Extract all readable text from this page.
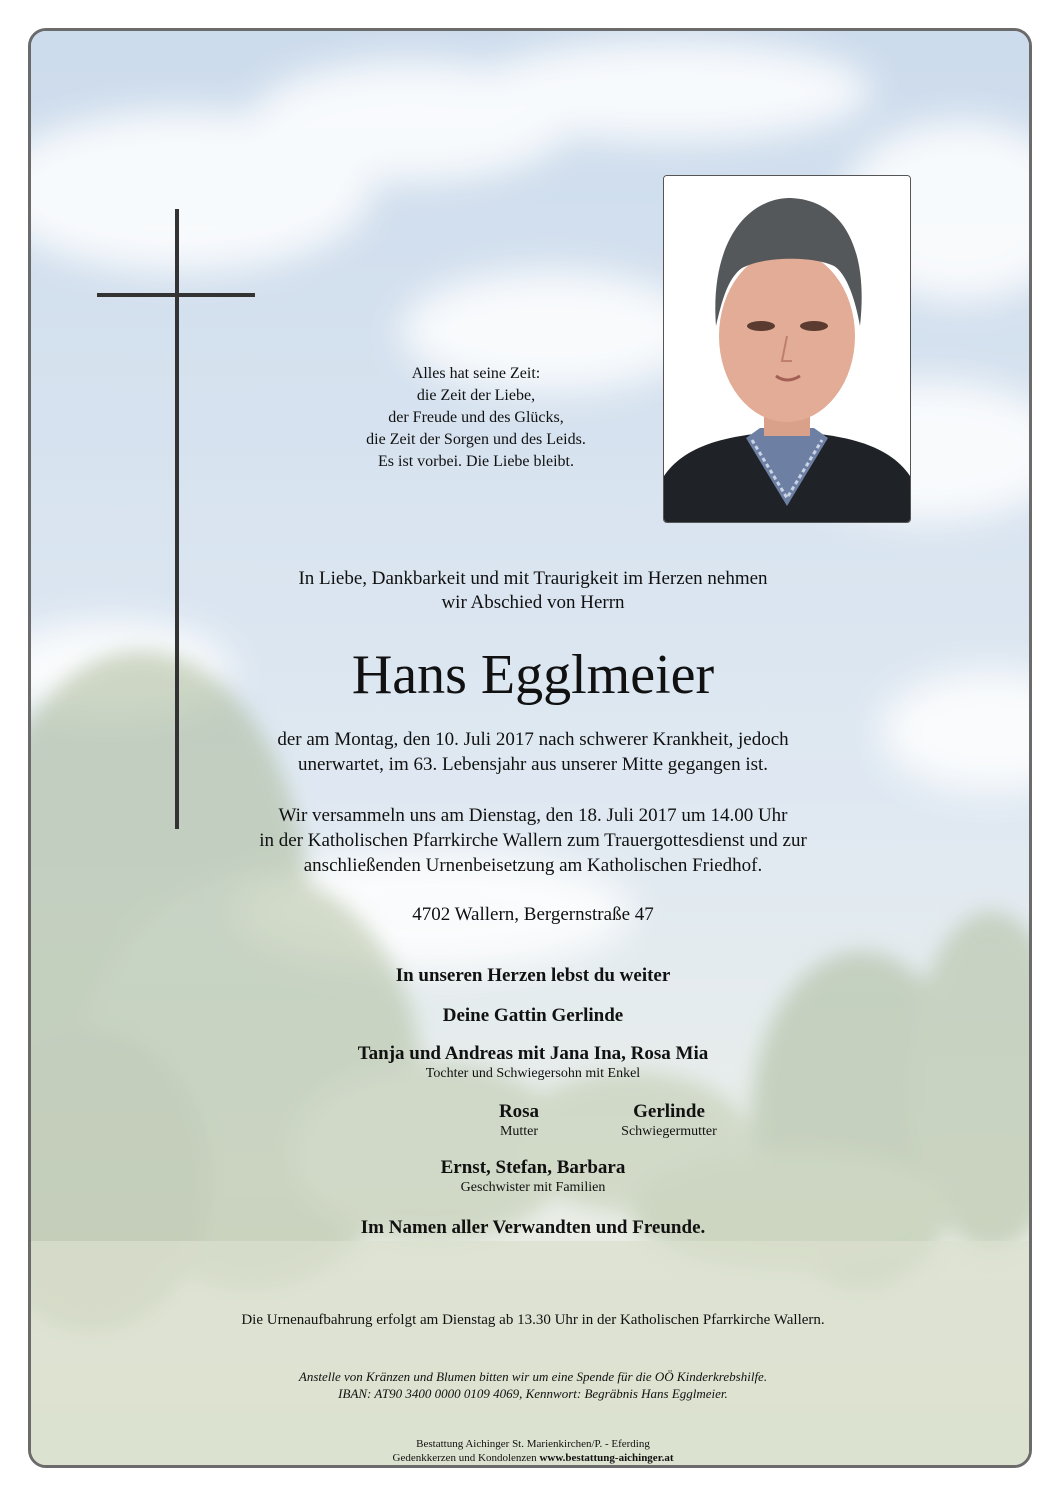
Alles hat seine Zeit:
die Zeit der Liebe,
der Freude und des Glücks,
die Zeit der Sorgen und des Leids.
Es ist vorbei. Die Liebe bleibt.
In Liebe, Dankbarkeit und mit Traurigkeit im Herzen nehmen
wir Abschied von Herrn
Hans Egglmeier
der am Montag, den 10. Juli 2017 nach schwerer Krankheit, jedoch
unerwartet, im 63. Lebensjahr aus unserer Mitte gegangen ist.
Wir versammeln uns am Dienstag, den 18. Juli 2017 um 14.00 Uhr
in der Katholischen Pfarrkirche Wallern zum Trauergottesdienst und zur
anschließenden Urnenbeisetzung am Katholischen Friedhof.
4702 Wallern, Bergernstraße 47
In unseren Herzen lebst du weiter
Deine Gattin Gerlinde
Tanja und Andreas mit Jana Ina, Rosa Mia
Tochter und Schwiegersohn mit Enkel
Rosa
Mutter
Gerlinde
Schwiegermutter
Ernst, Stefan, Barbara
Geschwister mit Familien
Im Namen aller Verwandten und Freunde.
Die Urnenaufbahrung erfolgt am Dienstag ab 13.30 Uhr in der Katholischen Pfarrkirche Wallern.
Anstelle von Kränzen und Blumen bitten wir um eine Spende für die OÖ Kinderkrebshilfe.
IBAN: AT90 3400 0000 0109 4069, Kennwort: Begräbnis Hans Egglmeier.
Bestattung Aichinger St. Marienkirchen/P. - Eferding
Gedenkkerzen und Kondolenzen www.bestattung-aichinger.at
